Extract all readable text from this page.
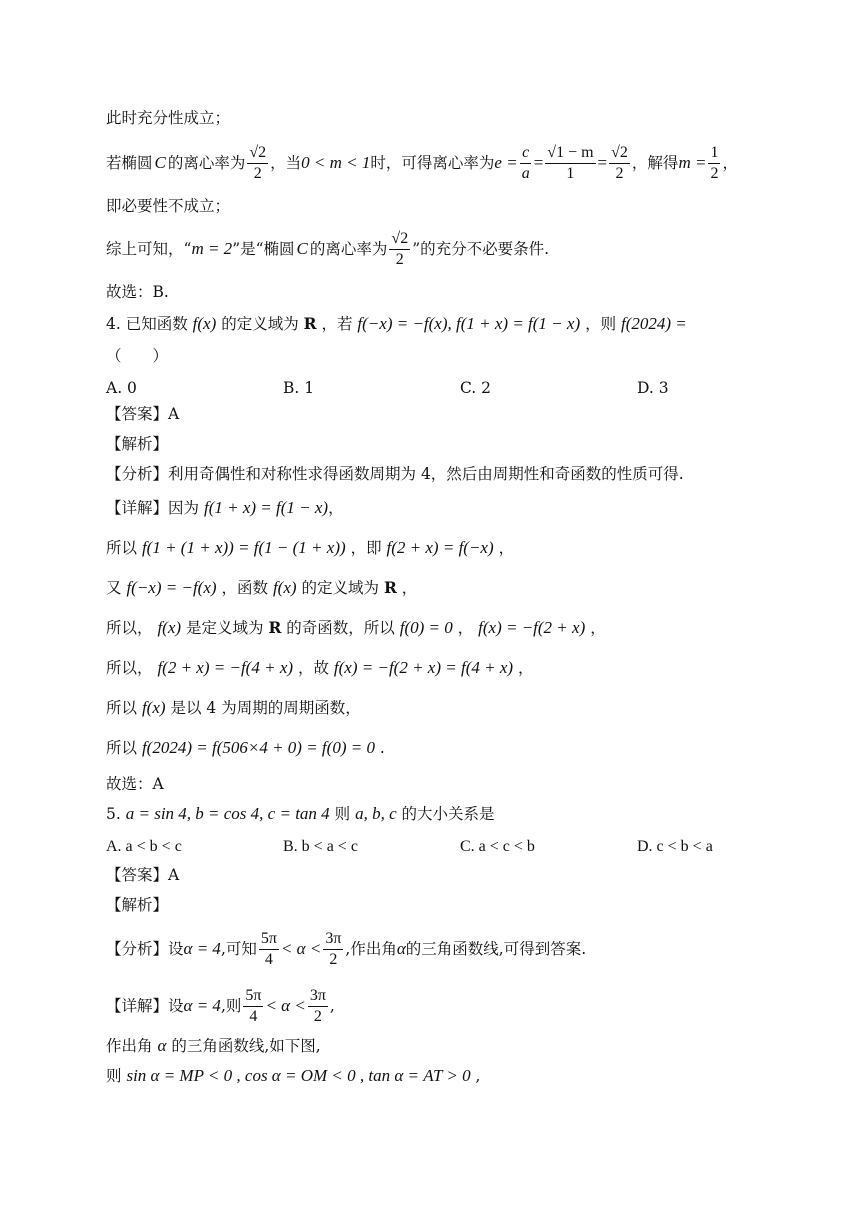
此时充分性成立；
若椭圆 C 的离心率为 $\frac{√2}{2}$ ，当 0 < m < 1 时，可得离心率为 $e = \frac{c}{a} = \frac{√1 - m}{1} = \frac{√2}{2}$ ，解得 $m = \frac{1}{2}$ ，
即必要性不成立；
综上可知，“ m = 2 ”是“椭圆 C 的离心率为 $\frac{√2}{2}$ ”的充分不必要条件.
故选：B.
4. 已知函数 f(x) 的定义域为 R ，若 f(−x) = −f(x), f(1 + x) = f(1 − x) ，则 f(2024) =
（　　）
A. 0	B. 1	C. 2	D. 3
【答案】A
【解析】
【分析】利用奇偶性和对称性求得函数周期为 4，然后由周期性和奇函数的性质可得.
【详解】因为 f(1 + x) = f(1 − x)，
所以 f(1 + (1 + x)) = f(1 − (1 + x)) ，即 f(2 + x) = f(−x) ，
又 f(−x) = −f(x) ，函数 f(x) 的定义域为 R ，
所以， f(x) 是定义域为 R 的奇函数，所以 f(0) = 0 ， f(x) = −f(2 + x) ，
所以， f(2 + x) = −f(4 + x) ，故 f(x) = −f(2 + x) = f(4 + x) ，
所以 f(x) 是以 4 为周期的周期函数，
所以 f(2024) = f(506×4 + 0) = f(0) = 0 .
故选：A
5. a = sin 4, b = cos 4, c = tan 4 则 a, b, c 的大小关系是
A. a < b < c	B. b < a < c	C. a < c < b	D. c < b < a
【答案】A
【解析】
【分析】 设 α = 4 ,可知 $\frac{5\pi}{4} < \alpha < \frac{3\pi}{2}$ ,作出角 α 的三角函数线,可得到答案.
【详解】 设 α = 4 ,则 $\frac{5\pi}{4} < \alpha < \frac{3\pi}{2}$ ,
作出角 α 的三角函数线,如下图,
则 sin α = MP < 0 , cos α = OM < 0 , tan α = AT > 0 ,
